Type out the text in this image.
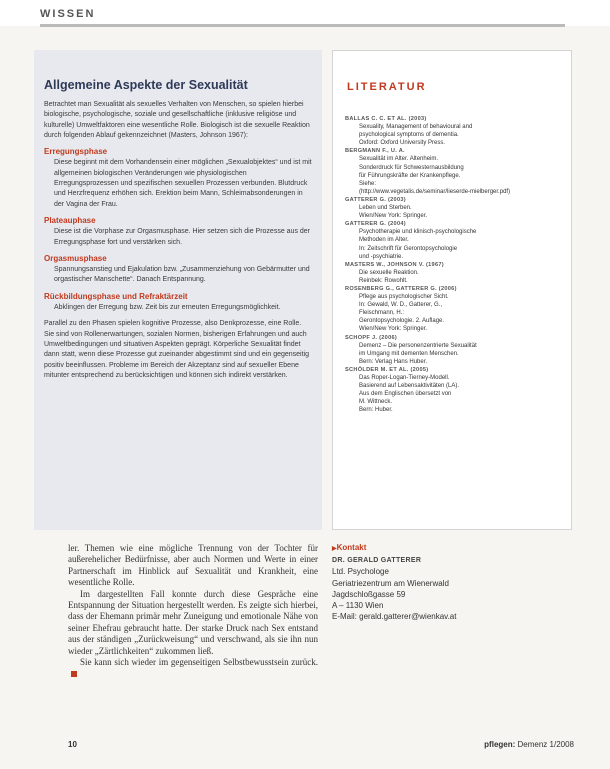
WISSEN
Allgemeine Aspekte der Sexualität

Betrachtet man Sexualität als sexuelles Verhalten von Menschen, so spielen hierbei biologische, psychologische, soziale und gesellschaftliche (inklusive religiöse und kulturelle) Umweltfaktoren eine wesentliche Rolle. Biologisch ist die sexuelle Reaktion durch folgenden Ablauf gekennzeichnet (Masters, Johnson 1967):

Erregungsphase

Diese beginnt mit dem Vorhandensein einer möglichen „Sexualobjektes“ und ist mit allgemeinen biologischen Veränderungen wie physiologischen Erregungsprozessen und spezifischen sexuellen Prozessen verbunden. Blutdruck und Herzfrequenz erhöhen sich. Erektion beim Mann, Schleimabsonderungen in der Vagina der Frau.

Plateauphase

Diese ist die Vorphase zur Orgasmusphase. Hier setzen sich die Prozesse aus der Erregungsphase fort und verstärken sich.

Orgasmusphase

Spannungsanstieg und Ejakulation bzw. „Zusammenziehung von Gebärmutter und orgastischer Manschette“. Danach Entspannung.

Rückbildungsphase und Refraktärzeit

Abklingen der Erregung bzw. Zeit bis zur erneuten Erregungsmöglichkeit.

Parallel zu den Phasen spielen kognitive Prozesse, also Denkprozesse, eine Rolle. Sie sind von Rollenerwartungen, sozialen Normen, bisherigen Erfahrungen und auch Umweltbedingungen und situativen Aspekten geprägt. Körperliche Sexualität findet dann statt, wenn diese Prozesse gut zueinander abgestimmt sind und ein gegenseitig positiv beeinflussen. Probleme im Bereich der Akzeptanz sind auf sexueller Ebene mitunter entsprechend zu berücksichtigen und können sich indirekt verstärken.

LITERATUR
BALLAS C. C. ET AL. (2003)
Sexuality, Management of behavioural and
psychological symptoms of dementia.
Oxford: Oxford University Press.
BERGMANN F., U. A.
Sexualität im Alter. Altenheim.
Sonderdruck für Schwesternausbildung
für Führungskräfte der Krankenpflege.
Siehe:
(http://www.vegetalis.de/seminar/lieserde-mielberger.pdf)
GATTERER G. (2003)
Leben und Sterben.
Wien/New York: Springer.
GATTERER G. (2004)
Psychotherapie und klinisch-psychologische
Methoden im Alter.
In: Zeitschrift für Gerontopsychologie
und -psychiatrie.
MASTERS W., JOHNSON V. (1967)
Die sexuelle Reaktion.
Reinbek: Rowohlt.
ROSENBERG G., GATTERER G. (2006)
Pflege aus psychologischer Sicht.
In: Gewald, W. D., Gatterer, G.,
Fleischmann, H.:
Gerontopsychologie. 2. Auflage.
Wien/New York: Springer.
SCHOPF J. (2006)
Demenz – Die personenzentrierte Sexualität
im Umgang mit dementen Menschen.
Bern: Verlag Hans Huber.
SCHÖLDER M. ET AL. (2005)
Das Roper-Logan-Tierney-Modell.
Basierend auf Lebensaktivitäten (LA).
Aus dem Englischen übersetzt von
M. Wittneck.
Bern: Huber.

ler. Themen wie eine mögliche Trennung von der Tochter für außerehelicher Bedürfnisse, aber auch Normen und Werte in einer Partnerschaft im Hinblick auf Sexualität und Krankheit, eine wesentliche Rolle.

Im dargestellten Fall konnte durch diese Gespräche eine Entspannung der Situation hergestellt werden. Es zeigte sich hierbei, dass der Ehemann primär mehr Zuneigung und emotionale Nähe von seiner Ehefrau gebraucht hatte. Der starke Druck nach Sex entstand aus der ständigen „Zurückweisung“ und verschwand, als sie ihn nun wieder „Zärtlichkeiten“ zukommen ließ.

Sie kann sich wieder im gegenseitigen Selbstbewusstsein zurück.

▶ Kontakt
DR. GERALD GATTERER
Ltd. Psychologe
Geriatriezentrum am Wienerwald
Jagdschloßgasse 59
A – 1130 Wien
E-Mail: gerald.gatterer@wienkav.at
10	pflegen: Demenz 1/2008
